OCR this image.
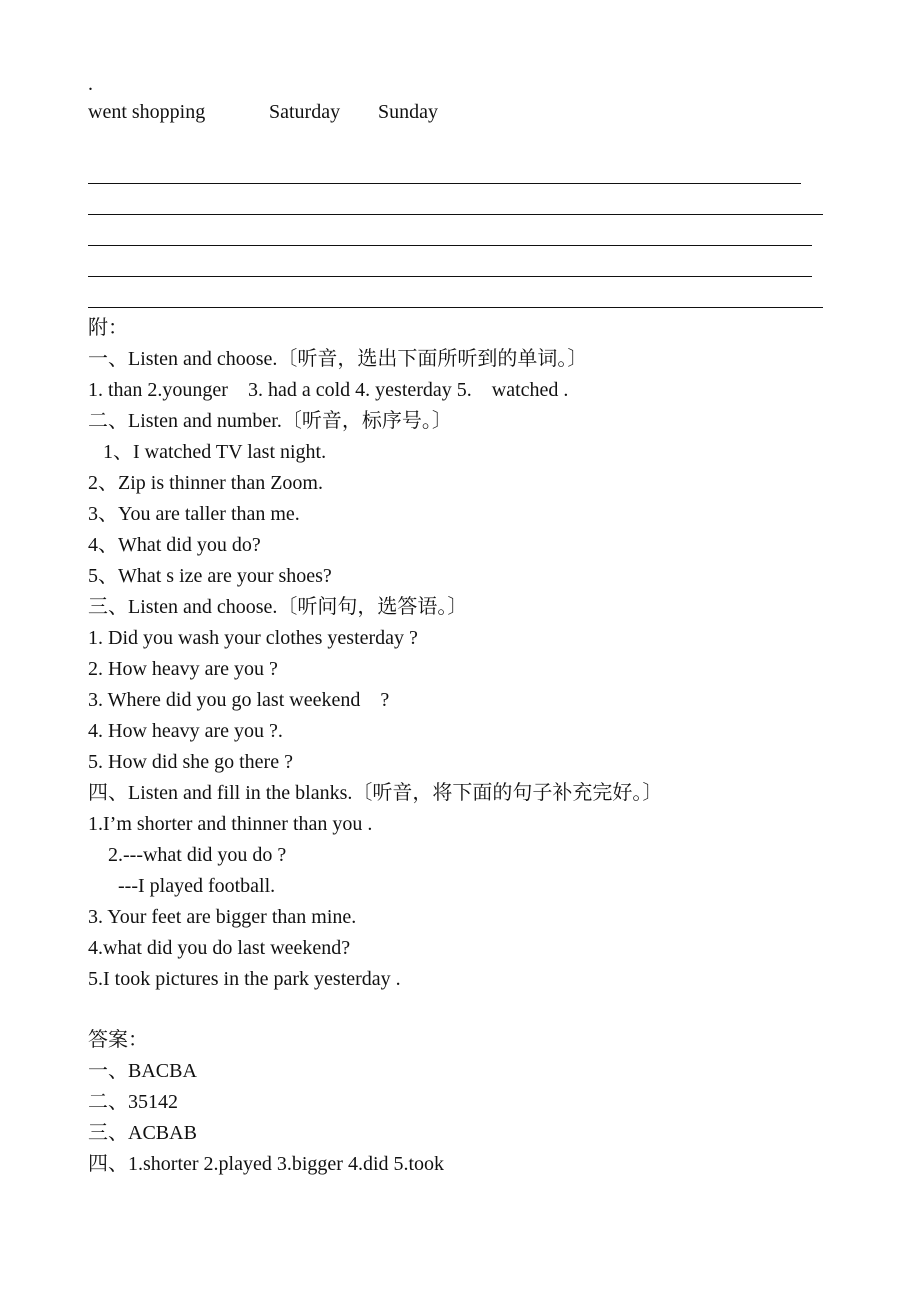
.

went shopping

	Saturday

Sunday

附：
一、Listen and choose.〔听音，选出下面所听到的单词。〕
1. than 2.younger    3. had a cold 4. yesterday 5.    watched .
二、Listen and number.〔听音，标序号。〕
1、I watched TV last night.
2、Zip is thinner than Zoom.
3、You are taller than me.
4、What did you do?
5、What s ize are your shoes?
三、Listen and choose.〔听问句，选答语。〕
1. Did you wash your clothes yesterday ?
2. How heavy are you ?
3. Where did you go last weekend    ?
4. How heavy are you ?.
5. How did she go there ?
四、Listen and fill in the blanks.〔听音，将下面的句子补充完好。〕
1.I’m shorter and thinner than you .
2.---what did you do ?
---I played football.
3. Your feet are bigger than mine.
4.what did you do last weekend?
5.I took pictures in the park yesterday .
答案：
一、BACBA
二、35142
三、ACBAB
四、1.shorter 2.played 3.bigger 4.did 5.took
